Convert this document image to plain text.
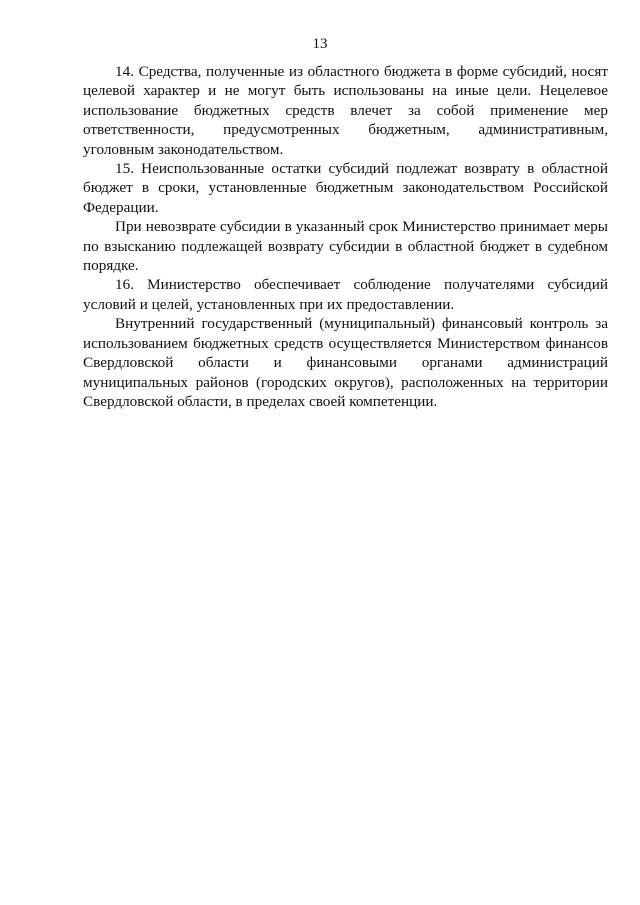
13

14. Средства, полученные из областного бюджета в форме субсидий, носят целевой характер и не могут быть использованы на иные цели. Нецелевое использование бюджетных средств влечет за собой применение мер ответственности, предусмотренных бюджетным, административным, уголовным законодательством.

15. Неиспользованные остатки субсидий подлежат возврату в областной бюджет в сроки, установленные бюджетным законодательством Российской Федерации.

При невозврате субсидии в указанный срок Министерство принимает меры по взысканию подлежащей возврату субсидии в областной бюджет в судебном порядке.

16. Министерство обеспечивает соблюдение получателями субсидий условий и целей, установленных при их предоставлении.

Внутренний государственный (муниципальный) финансовый контроль за использованием бюджетных средств осуществляется Министерством финансов Свердловской области и финансовыми органами администраций муниципальных районов (городских округов), расположенных на территории Свердловской области, в пределах своей компетенции.
